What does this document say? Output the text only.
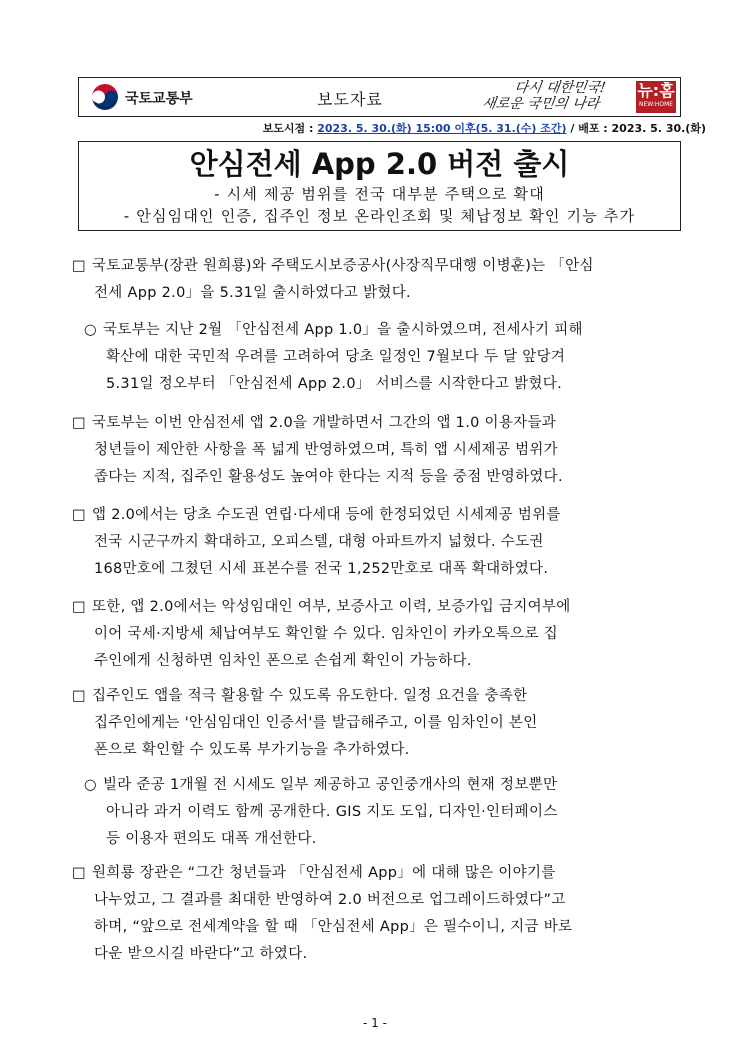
국토교통부	보도자료
다시 대한민국!
새로운 국민의 나라
뉴:홈
NEW:HOME
보도시점 : 2023. 5. 30.(화) 15:00 이후(5. 31.(수) 조간) / 배포 : 2023. 5. 30.(화)
안심전세 App 2.0 버전 출시
- 시세 제공 범위를 전국 대부분 주택으로 확대
- 안심임대인 인증, 집주인 정보 온라인조회 및 체납정보 확인 기능 추가
□ 국토교통부(장관 원희룡)와 주택도시보증공사(사장직무대행 이병훈)는 「안심
전세 App 2.0」을 5.31일 출시하였다고 밝혔다.
○ 국토부는 지난 2월 「안심전세 App 1.0」을 출시하였으며, 전세사기 피해
확산에 대한 국민적 우려를 고려하여 당초 일정인 7월보다 두 달 앞당겨
5.31일 정오부터 「안심전세 App 2.0」 서비스를 시작한다고 밝혔다.
□ 국토부는 이번 안심전세 앱 2.0을 개발하면서 그간의 앱 1.0 이용자들과
청년들이 제안한 사항을 폭 넓게 반영하였으며, 특히 앱 시세제공 범위가
좁다는 지적, 집주인 활용성도 높여야 한다는 지적 등을 중점 반영하였다.
□ 앱 2.0에서는 당초 수도권 연립·다세대 등에 한정되었던 시세제공 범위를
전국 시군구까지 확대하고, 오피스텔, 대형 아파트까지 넓혔다. 수도권
168만호에 그쳤던 시세 표본수를 전국 1,252만호로 대폭 확대하였다.
□ 또한, 앱 2.0에서는 악성임대인 여부, 보증사고 이력, 보증가입 금지여부에
이어 국세·지방세 체납여부도 확인할 수 있다. 임차인이 카카오톡으로 집
주인에게 신청하면 임차인 폰으로 손쉽게 확인이 가능하다.
□ 집주인도 앱을 적극 활용할 수 있도록 유도한다. 일정 요건을 충족한
집주인에게는 '안심임대인 인증서'를 발급해주고, 이를 임차인이 본인
폰으로 확인할 수 있도록 부가기능을 추가하였다.
○ 빌라 준공 1개월 전 시세도 일부 제공하고 공인중개사의 현재 정보뿐만
아니라 과거 이력도 함께 공개한다. GIS 지도 도입, 디자인·인터페이스
등 이용자 편의도 대폭 개선한다.
□ 원희룡 장관은 “그간 청년들과 「안심전세 App」에 대해 많은 이야기를
나누었고, 그 결과를 최대한 반영하여 2.0 버전으로 업그레이드하였다”고
하며, “앞으로 전세계약을 할 때 「안심전세 App」은 필수이니, 지금 바로
다운 받으시길 바란다”고 하였다.
- 1 -
